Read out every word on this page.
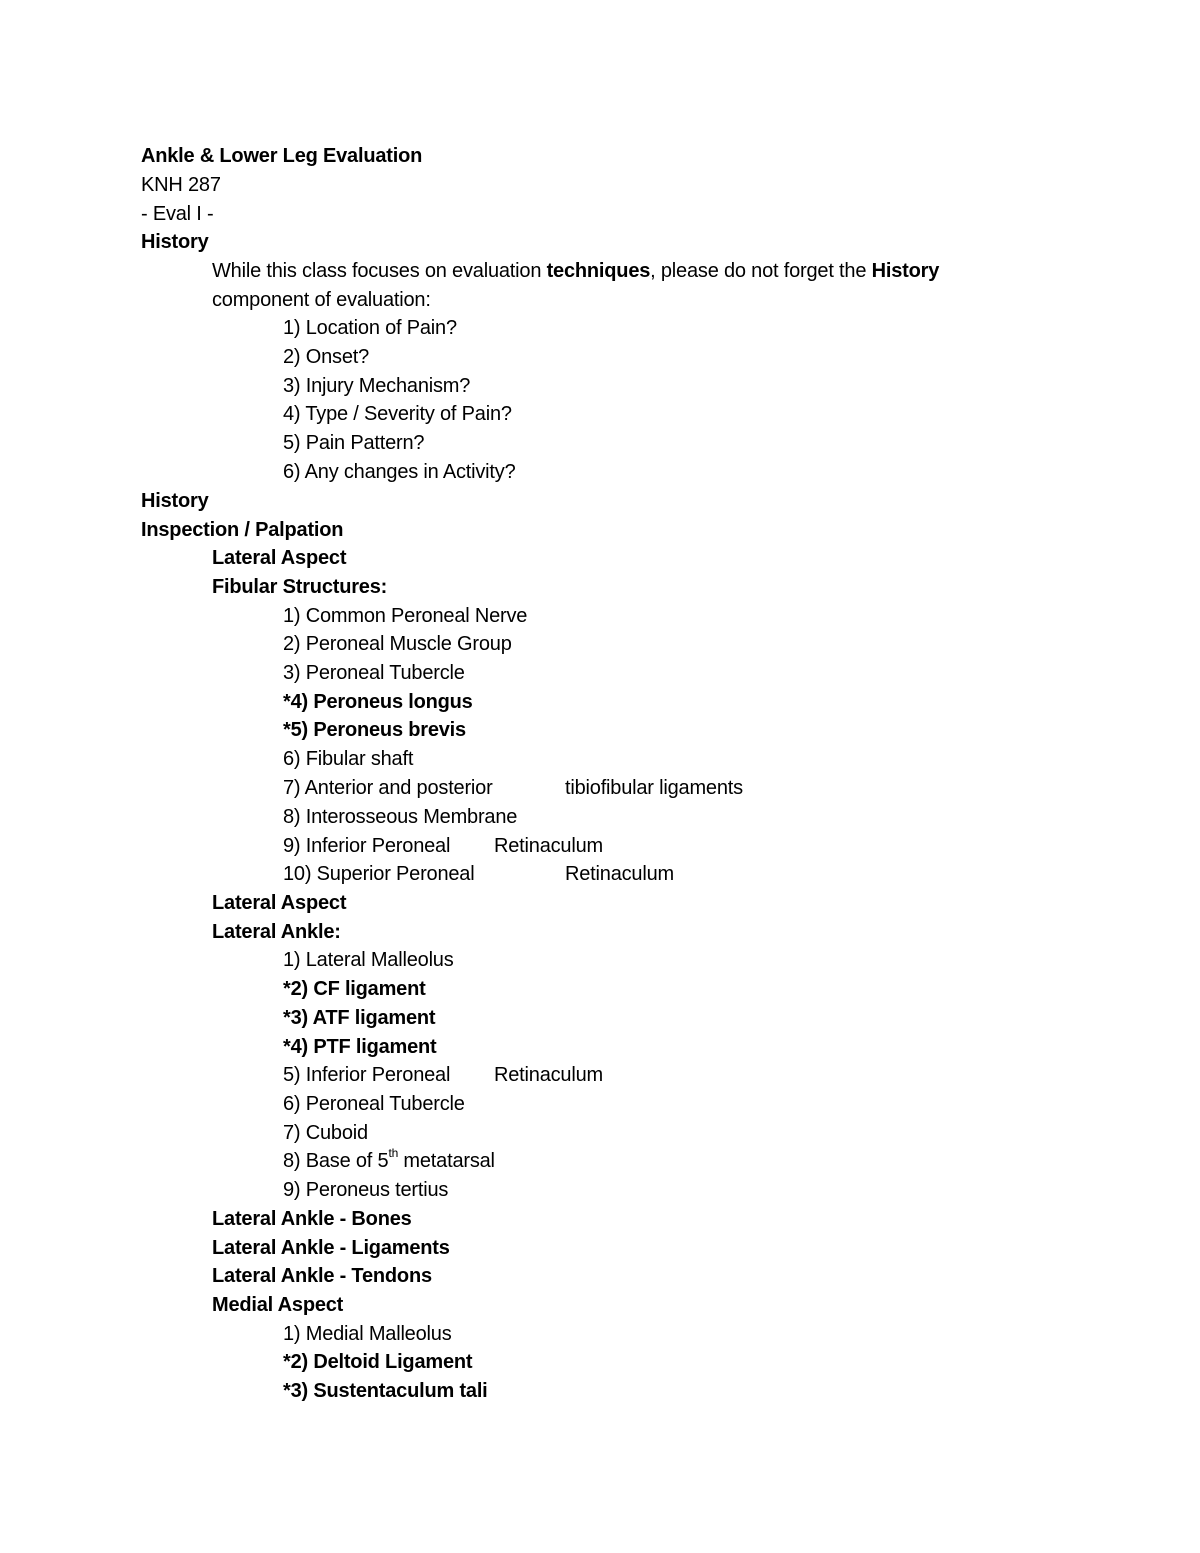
Ankle & Lower Leg Evaluation
KNH 287
- Eval I -
History
While this class focuses on evaluation techniques, please do not forget the History
component of evaluation:
1) Location of Pain?
2) Onset?
3) Injury Mechanism?
4) Type / Severity of Pain?
5) Pain Pattern?
6) Any changes in Activity?
History
Inspection / Palpation
Lateral Aspect
Fibular Structures:
1) Common Peroneal Nerve
2) Peroneal Muscle Group
3) Peroneal Tubercle
*4) Peroneus longus
*5) Peroneus brevis
6) Fibular shaft
7) Anterior and posterior	tibiofibular ligaments
8) Interosseous Membrane
9) Inferior Peroneal Retinaculum
10) Superior Peroneal	Retinaculum
Lateral Aspect
Lateral Ankle:
1) Lateral Malleolus
*2) CF ligament
*3) ATF ligament
*4) PTF ligament
5) Inferior Peroneal Retinaculum
6) Peroneal Tubercle
7) Cuboid
8) Base of 5th metatarsal
9) Peroneus tertius
Lateral Ankle - Bones
Lateral Ankle - Ligaments
Lateral Ankle - Tendons
Medial Aspect
1) Medial Malleolus
*2) Deltoid Ligament
*3) Sustentaculum tali
